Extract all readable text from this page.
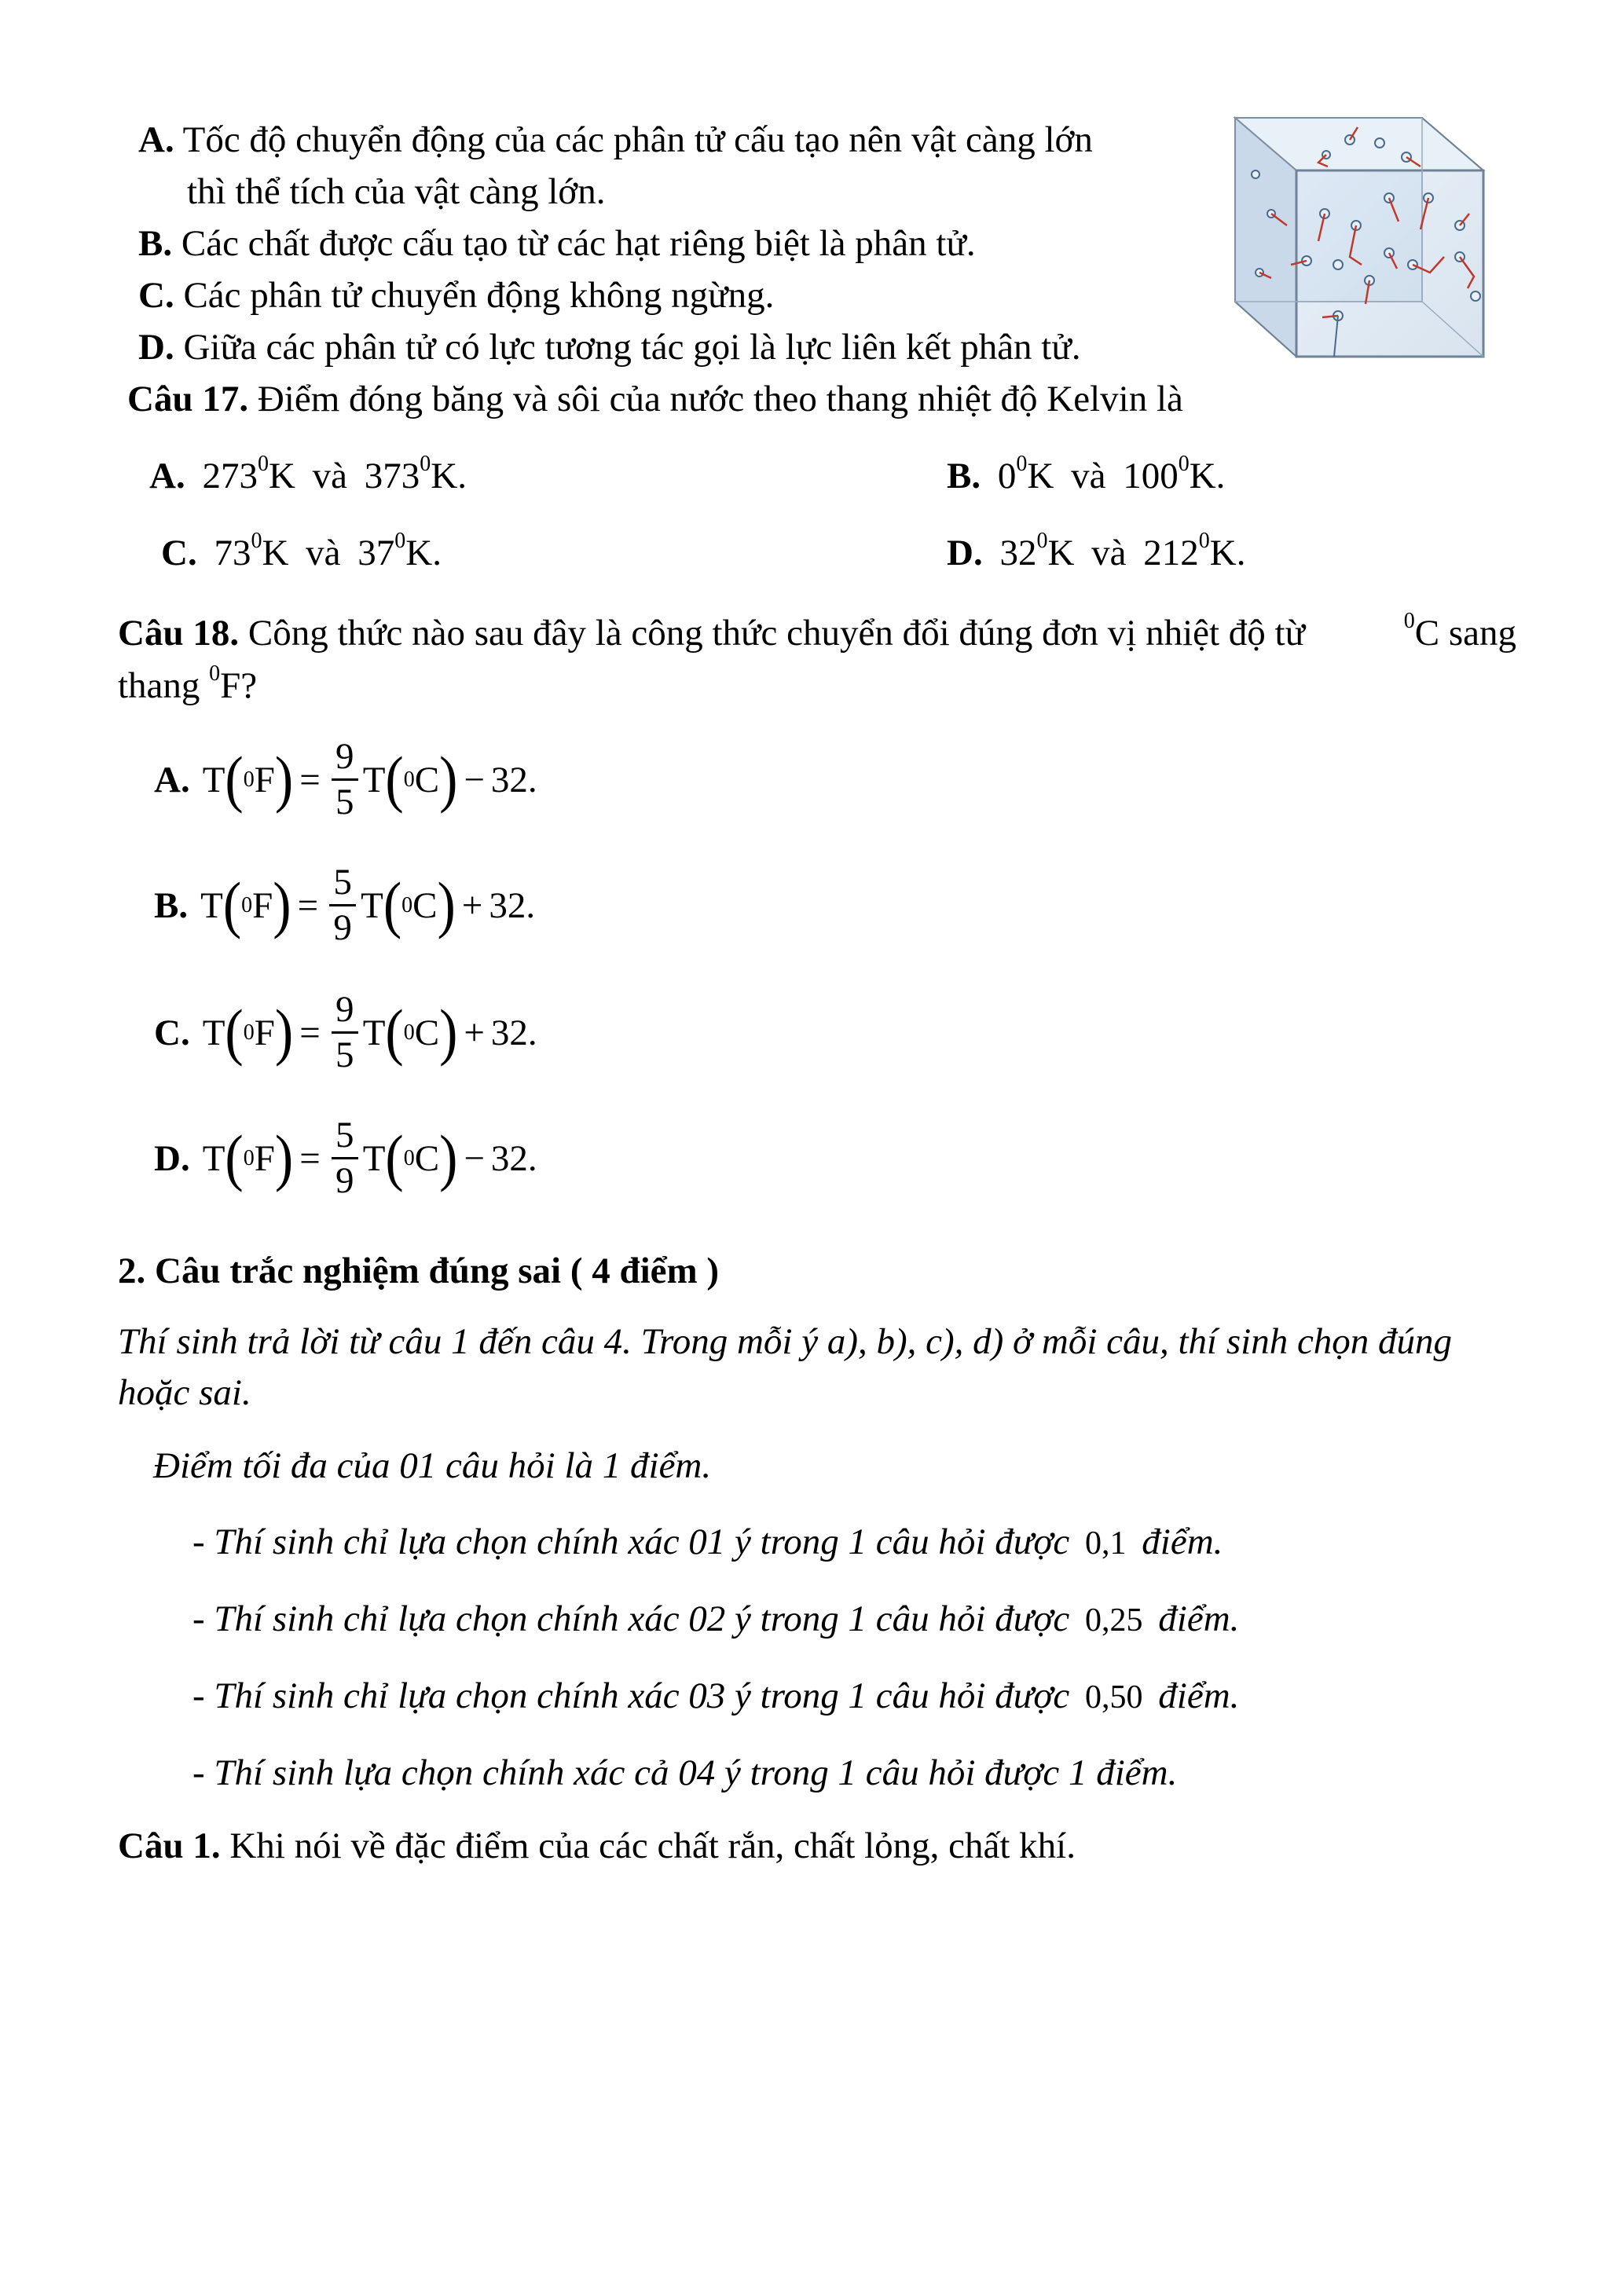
A. Tốc độ chuyển động của các phân tử cấu tạo nên vật càng lớn
thì thể tích của vật càng lớn.
B. Các chất được cấu tạo từ các hạt riêng biệt là phân tử.
C. Các phân tử chuyển động không ngừng.
D. Giữa các phân tử có lực tương tác gọi là lực liên kết phân tử.
Câu 17. Điểm đóng băng và sôi của nước theo thang nhiệt độ Kelvin là
A. $273^0K$ và $373^0K$.	B. $0^0K$ và $100^0K$.
C. $73^0K$ và $37^0K$.	D. $32^0K$ và $212^0K$.
Câu 18. Công thức nào sau đây là công thức chuyển đổi đúng đơn vị nhiệt độ từ	$^0$C sang
thang $^0$F?
A. T ( 0 F ) = $\frac{9}{5}$ T ( 0 C ) − 32.
B. T ( 0 F ) = $\frac{5}{9}$ T ( 0 C ) + 32.
C. T ( 0 F ) = $\frac{9}{5}$ T ( 0 C ) + 32.
D. T ( 0 F ) = $\frac{5}{9}$ T ( 0 C ) − 32.
2. Câu trắc nghiệm đúng sai ( 4 điểm )
Thí sinh trả lời từ câu 1 đến câu 4. Trong mỗi ý a), b), c), d) ở mỗi câu, thí sinh chọn đúng
hoặc sai.
Điểm tối đa của 01 câu hỏi là 1 điểm.
- Thí sinh chỉ lựa chọn chính xác 01 ý trong 1 câu hỏi được 0,1 điểm.
- Thí sinh chỉ lựa chọn chính xác 02 ý trong 1 câu hỏi được 0,25 điểm.
- Thí sinh chỉ lựa chọn chính xác 03 ý trong 1 câu hỏi được 0,50 điểm.
- Thí sinh lựa chọn chính xác cả 04 ý trong 1 câu hỏi được 1 điểm.
Câu 1. Khi nói về đặc điểm của các chất rắn, chất lỏng, chất khí.
